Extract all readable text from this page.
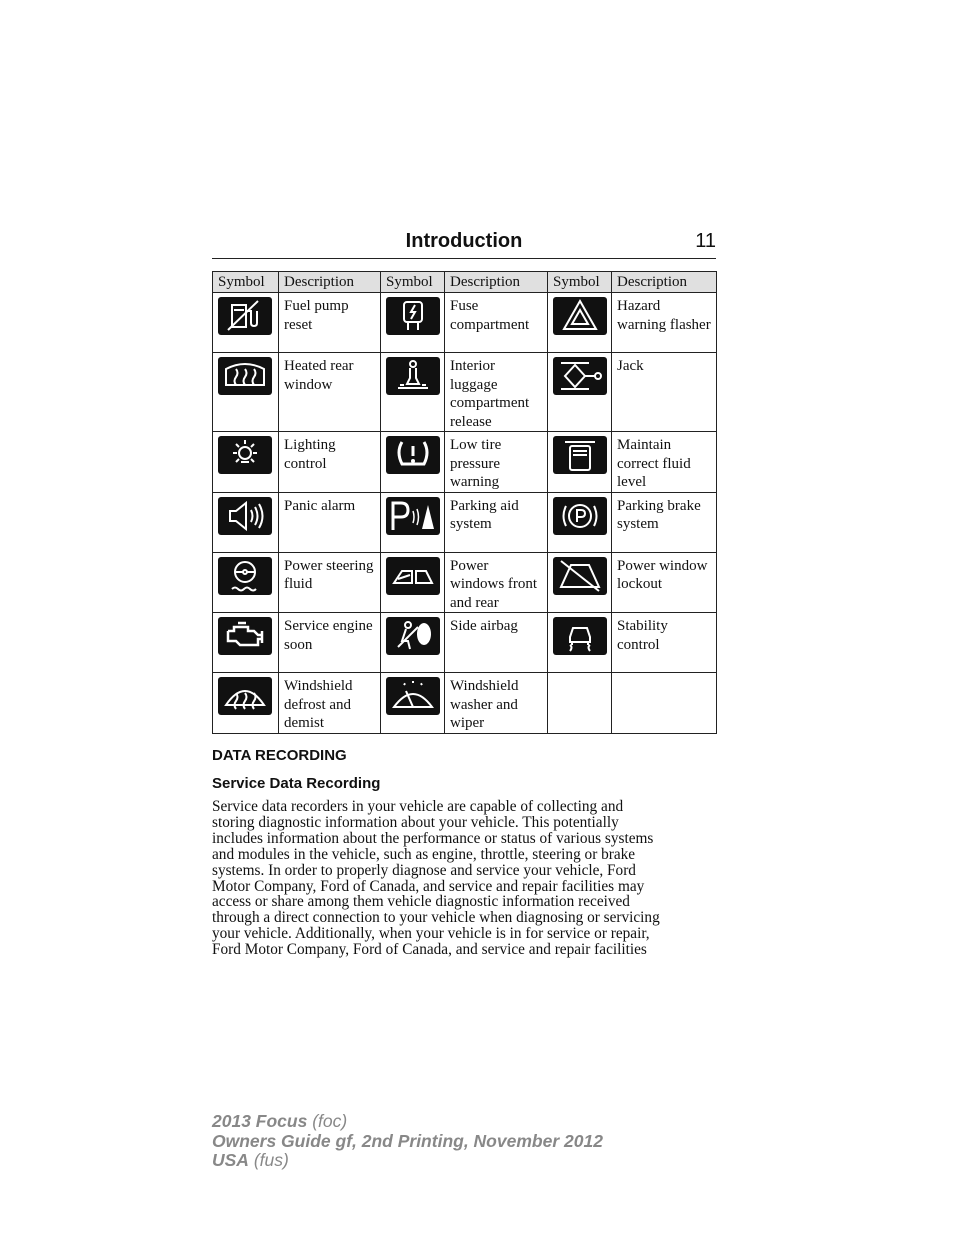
Introduction	11
Symbol	Description	Symbol	Description	Symbol	Description

Fuel pump reset		Fuse compartment		Hazard warning flasher

Heated rear window		Interior luggage compartment release		Jack

Lighting control		Low tire pressure warning		Maintain correct fluid level

Panic alarm		Parking aid system		Parking brake system

Power steering fluid		Power windows front and rear		Power window lockout

Service engine soon		Side airbag		Stability control

Windshield defrost and demist		Windshield washer and wiper		

DATA RECORDING
Service Data Recording
Service data recorders in your vehicle are capable of collecting and
storing diagnostic information about your vehicle. This potentially
includes information about the performance or status of various systems
and modules in the vehicle, such as engine, throttle, steering or brake
systems. In order to properly diagnose and service your vehicle, Ford
Motor Company, Ford of Canada, and service and repair facilities may
access or share among them vehicle diagnostic information received
through a direct connection to your vehicle when diagnosing or servicing
your vehicle. Additionally, when your vehicle is in for service or repair,
Ford Motor Company, Ford of Canada, and service and repair facilities
2013 Focus (foc)
Owners Guide gf, 2nd Printing, November 2012
USA (fus)
